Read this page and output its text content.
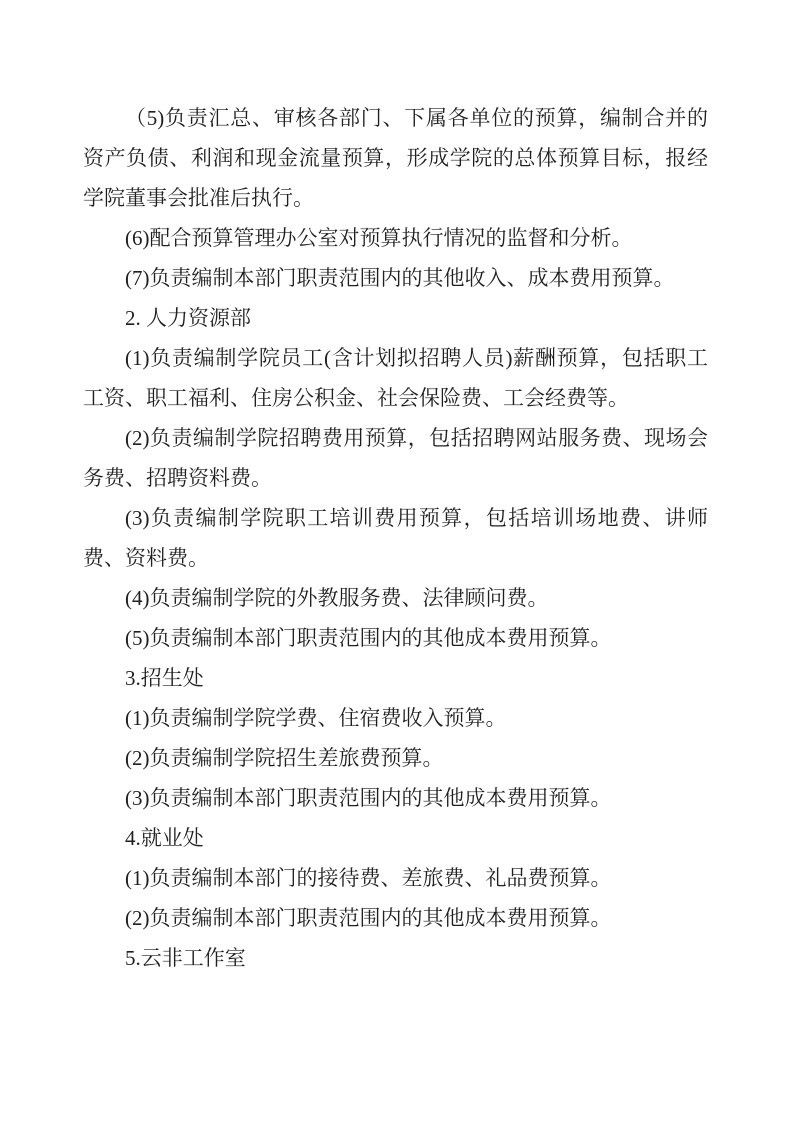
（5)负责汇总、审核各部门、下属各单位的预算，编制合并的资产负债、利润和现金流量预算，形成学院的总体预算目标，报经学院董事会批准后执行。

(6)配合预算管理办公室对预算执行情况的监督和分析。

(7)负责编制本部门职责范围内的其他收入、成本费用预算。

2. 人力资源部

(1)负责编制学院员工(含计划拟招聘人员)薪酬预算，包括职工工资、职工福利、住房公积金、社会保险费、工会经费等。

(2)负责编制学院招聘费用预算，包括招聘网站服务费、现场会务费、招聘资料费。

(3)负责编制学院职工培训费用预算，包括培训场地费、讲师费、资料费。

(4)负责编制学院的外教服务费、法律顾问费。

(5)负责编制本部门职责范围内的其他成本费用预算。

3.招生处

(1)负责编制学院学费、住宿费收入预算。

(2)负责编制学院招生差旅费预算。

(3)负责编制本部门职责范围内的其他成本费用预算。

4.就业处

(1)负责编制本部门的接待费、差旅费、礼品费预算。

(2)负责编制本部门职责范围内的其他成本费用预算。

5.云非工作室
